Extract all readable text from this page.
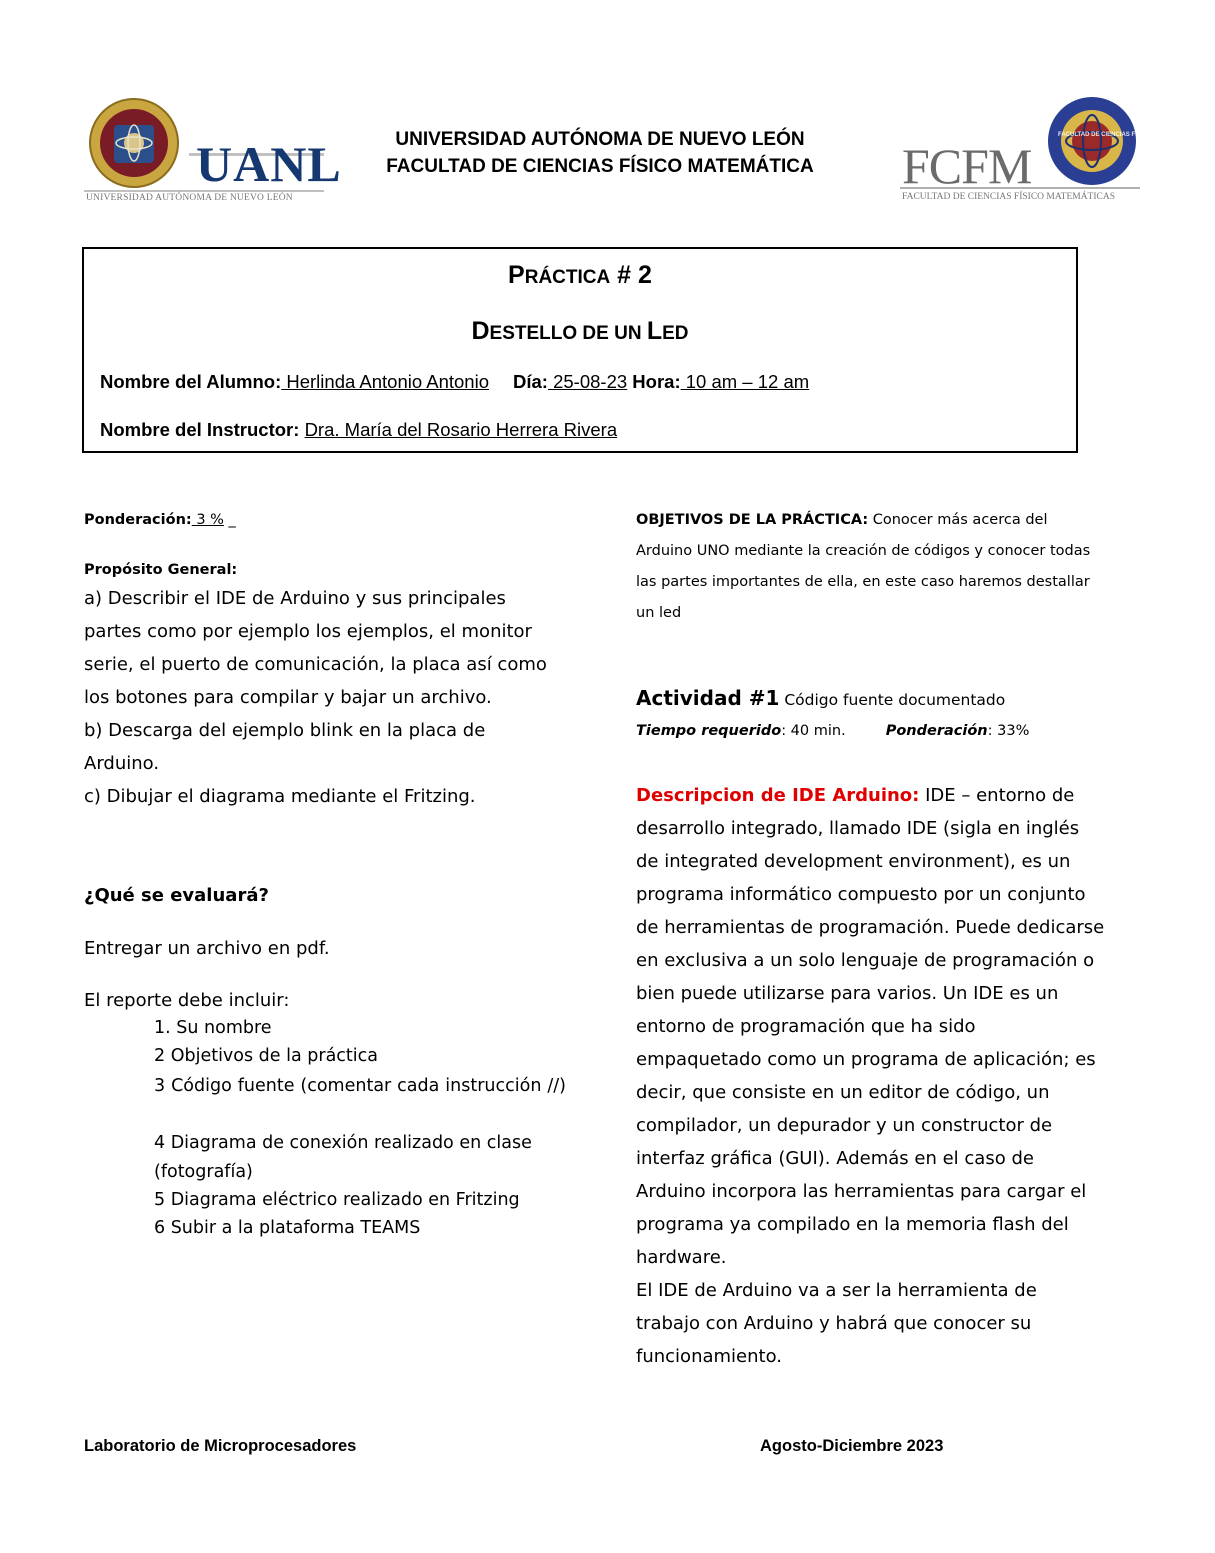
UANL
UNIVERSIDAD AUTÓNOMA DE NUEVO LEÓN
UNIVERSIDAD AUTÓNOMA DE NUEVO LEÓN
FACULTAD DE CIENCIAS FÍSICO MATEMÁTICA
FACULTAD DE CIENCIAS FÍSICO MATEMÁTICAS UANL
FCFM
FACULTAD DE CIENCIAS FÍSICO MATEMÁTICAS
PRÁCTICA # 2
DESTELLO DE UN LED
Nombre del Alumno: Herlinda Antonio Antonio Día: 25-08-23 Hora: 10 am – 12 am
Nombre del Instructor: Dra. María del Rosario Herrera Rivera
Ponderación: 3 % _
Propósito General:
a) Describir el IDE de Arduino y sus principales partes como por ejemplo los ejemplos, el monitor serie, el puerto de comunicación, la placa así como los botones para compilar y bajar un archivo.
b) Descarga del ejemplo blink en la placa de Arduino.
c) Dibujar el diagrama mediante el Fritzing.
¿Qué se evaluará?
Entregar un archivo en pdf.
El reporte debe incluir:
1. Su nombre
2 Objetivos de la práctica
3 Código fuente (comentar cada instrucción //)
4 Diagrama de conexión realizado en clase (fotografía)
5 Diagrama eléctrico realizado en Fritzing
6 Subir a la plataforma TEAMS
OBJETIVOS DE LA PRÁCTICA: Conocer más acerca del Arduino UNO mediante la creación de códigos y conocer todas las partes importantes de ella, en este caso haremos destallar un led
Actividad #1 Código fuente documentado
Tiempo requerido: 40 min.	Ponderación: 33%
Descripcion de IDE Arduino: IDE – entorno de desarrollo integrado, llamado IDE (sigla en inglés de integrated development environment), es un programa informático compuesto por un conjunto de herramientas de programación. Puede dedicarse en exclusiva a un solo lenguaje de programación o bien puede utilizarse para varios. Un IDE es un entorno de programación que ha sido empaquetado como un programa de aplicación; es decir, que consiste en un editor de código, un compilador, un depurador y un constructor de interfaz gráfica (GUI). Además en el caso de Arduino incorpora las herramientas para cargar el programa ya compilado en la memoria flash del hardware.
El IDE de Arduino va a ser la herramienta de trabajo con Arduino y habrá que conocer su funcionamiento.
Laboratorio de Microprocesadores	Agosto-Diciembre 2023
